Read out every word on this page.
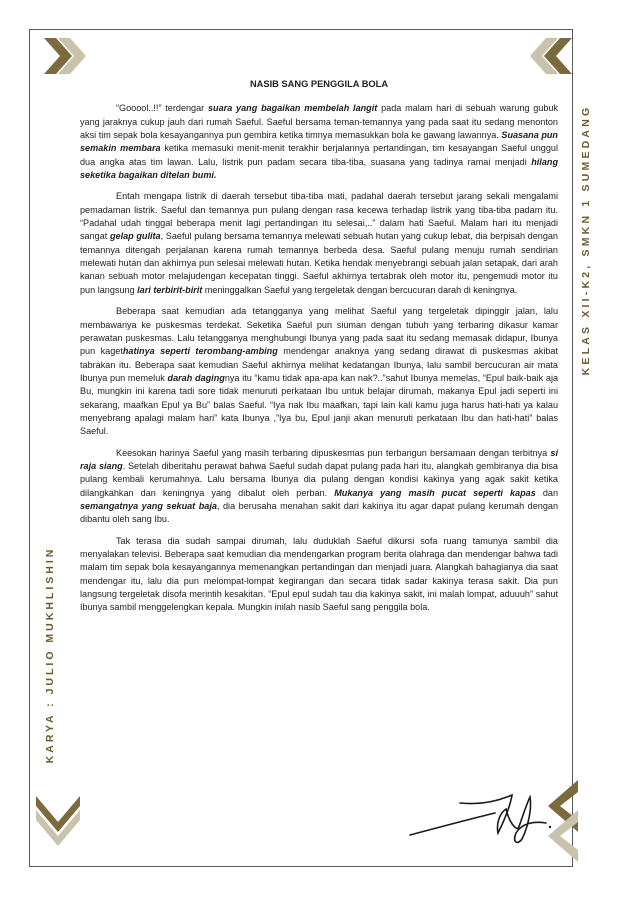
KARYA : JULIO MUKHLISHIN
KELAS XII-K2, SMKN 1 SUMEDANG
NASIB SANG PENGGILA BOLA

“Gooool..!!” terdengar suara yang bagaikan membelah langit pada malam hari di sebuah warung gubuk yang jaraknya cukup jauh dari rumah Saeful. Saeful bersama teman-temannya yang pada saat itu sedang menonton aksi tim sepak bola kesayangannya pun gembira ketika timnya memasukkan bola ke gawang lawannya. Suasana pun semakin membara ketika memasuki menit-menit terakhir berjalannya pertandingan, tim kesayangan Saeful unggul dua angka atas tim lawan. Lalu, listrik pun padam secara tiba-tiba, suasana yang tadinya ramai menjadi hilang seketika bagaikan ditelan bumi.

Entah mengapa listrik di daerah tersebut tiba-tiba mati, padahal daerah tersebut jarang sekali mengalami pemadaman listrik. Saeful dan temannya pun pulang dengan rasa kecewa terhadap listrik yang tiba-tiba padam itu. “Padahal udah tinggal beberapa menit lagi pertandingan itu selesai,..” dalam hati Saeful. Malam hari itu menjadi sangat gelap gulita, Saeful pulang bersama temannya melewati sebuah hutan yang cukup lebat, dia berpisah dengan temannya ditengah perjalanan karena rumah temannya berbeda desa. Saeful pulang menuju rumah sendirian melewati hutan dan akhirnya pun selesai melewati hutan. Ketika hendak menyebrangi sebuah jalan setapak, dari arah kanan sebuah motor melajudengan kecepatan tinggi. Saeful akhirnya tertabrak oleh motor itu, pengemudi motor itu pun langsung lari terbirit-birit meninggalkan Saeful yang tergeletak dengan bercucuran darah di keningnya.

Beberapa saat kemudian ada tetangganya yang melihat Saeful yang tergeletak dipinggir jalan, lalu membawanya ke puskesmas terdekat. Seketika Saeful pun siuman dengan tubuh yang terbaring dikasur kamar perawatan puskesmas. Lalu tetangganya menghubungi Ibunya yang pada saat itu sedang memasak didapur, Ibunya pun kagethatinya seperti terombang-ambing mendengar anaknya yang sedang dirawat di puskesmas akibat tabrakan itu. Beberapa saat kemudian Saeful akhirnya melihat kedatangan Ibunya, lalu sambil bercucuran air mata Ibunya pun memeluk darah dagingnya itu “kamu tidak apa-apa kan nak?..”sahut Ibunya memelas, “Epul baik-baik aja Bu, mungkin ini karena tadi sore tidak menuruti perkataan Ibu untuk belajar dirumah, makanya Epul jadi seperti ini sekarang, maafkan Epul ya Bu” balas Saeful. “Iya nak Ibu maafkan, tapi lain kali kamu juga harus hati-hati ya kalau menyebrang apalagi malam hari” kata Ibunya ,”Iya bu, Epul janji akan menuruti perkataan Ibu dan hati-hati” balas Saeful.

Keesokan harinya Saeful yang masih terbaring dipuskesmas pun terbangun bersamaan dengan terbitnya si raja siang. Setelah diberitahu perawat bahwa Saeful sudah dapat pulang pada hari itu, alangkah gembiranya dia bisa pulang kembali kerumahnya. Lalu bersama Ibunya dia pulang dengan kondisi kakinya yang agak sakit ketika dilangkahkan dan keningnya yang dibalut oleh perban. Mukanya yang masih pucat seperti kapas dan semangatnya yang sekuat baja, dia berusaha menahan sakit dari kakinya itu agar dapat pulang kerumah dengan dibantu oleh sang Ibu.

Tak terasa dia sudah sampai dirumah, lalu duduklah Saeful dikursi sofa ruang tamunya sambil dia menyalakan televisi. Beberapa saat kemudian dia mendengarkan program berita olahraga dan mendengar bahwa tadi malam tim sepak bola kesayangannya memenangkan pertandingan dan menjadi juara. Alangkah bahagianya dia saat mendengar itu, lalu dia pun melompat-lompat kegirangan dan secara tidak sadar kakinya terasa sakit. Dia pun langsung tergeletak disofa merintih kesakitan. “Epul epul sudah tau dia kakinya sakit, ini malah lompat, aduuuh” sahut Ibunya sambil menggelengkan kepala. Mungkin inilah nasib Saeful sang penggila bola.
